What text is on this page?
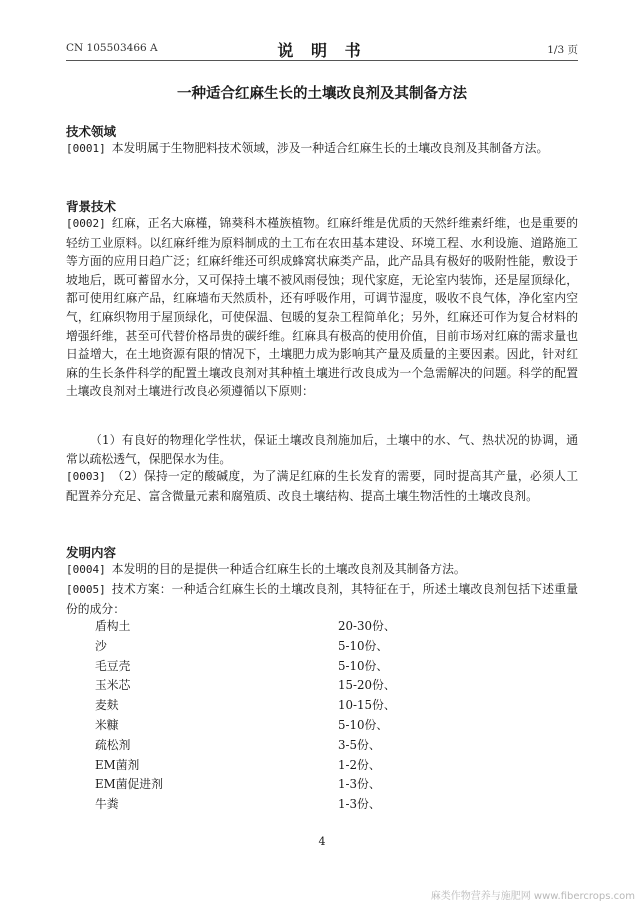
CN 105503466 A	说 明 书	1/3 页
一种适合红麻生长的土壤改良剂及其制备方法
技术领域
[0001] 本发明属于生物肥料技术领域，涉及一种适合红麻生长的土壤改良剂及其制备方法。
背景技术
[0002] 红麻，正名大麻槿，锦葵科木槿族植物。红麻纤维是优质的天然纤维素纤维，也是重要的轻纺工业原料。以红麻纤维为原料制成的土工布在农田基本建设、环境工程、水利设施、道路施工等方面的应用日趋广泛；红麻纤维还可织成蜂窝状麻类产品，此产品具有极好的吸附性能，敷设于坡地后，既可蓄留水分，又可保持土壤不被风雨侵蚀；现代家庭，无论室内装饰，还是屋顶绿化，都可使用红麻产品，红麻墙布天然质朴，还有呼吸作用，可调节湿度，吸收不良气体，净化室内空气，红麻织物用于屋顶绿化，可使保温、包暖的复杂工程简单化；另外，红麻还可作为复合材料的增强纤维，甚至可代替价格昂贵的碳纤维。红麻具有极高的使用价值，目前市场对红麻的需求量也日益增大，在土地资源有限的情况下，土壤肥力成为影响其产量及质量的主要因素。因此，针对红麻的生长条件科学的配置土壤改良剂对其种植土壤进行改良成为一个急需解决的问题。科学的配置土壤改良剂对土壤进行改良必须遵循以下原则：
（1）有良好的物理化学性状，保证土壤改良剂施加后，土壤中的水、气、热状况的协调，通常以疏松透气，保肥保水为佳。
[0003] （2）保持一定的酸碱度，为了满足红麻的生长发育的需要，同时提高其产量，必须人工配置养分充足、富含微量元素和腐殖质、改良土壤结构、提高土壤生物活性的土壤改良剂。
发明内容
[0004] 本发明的目的是提供一种适合红麻生长的土壤改良剂及其制备方法。
[0005] 技术方案：一种适合红麻生长的土壤改良剂，其特征在于，所述土壤改良剂包括下述重量份的成分：
盾构土	20-30份、
沙	5-10份、
毛豆壳	5-10份、
玉米芯	15-20份、
麦麸	10-15份、
米糠	5-10份、
疏松剂	3-5份、
EM菌剂	1-2份、
EM菌促进剂	1-3份、
牛粪	1-3份、
4
麻类作物营养与施肥网 www.fibercrops.com
